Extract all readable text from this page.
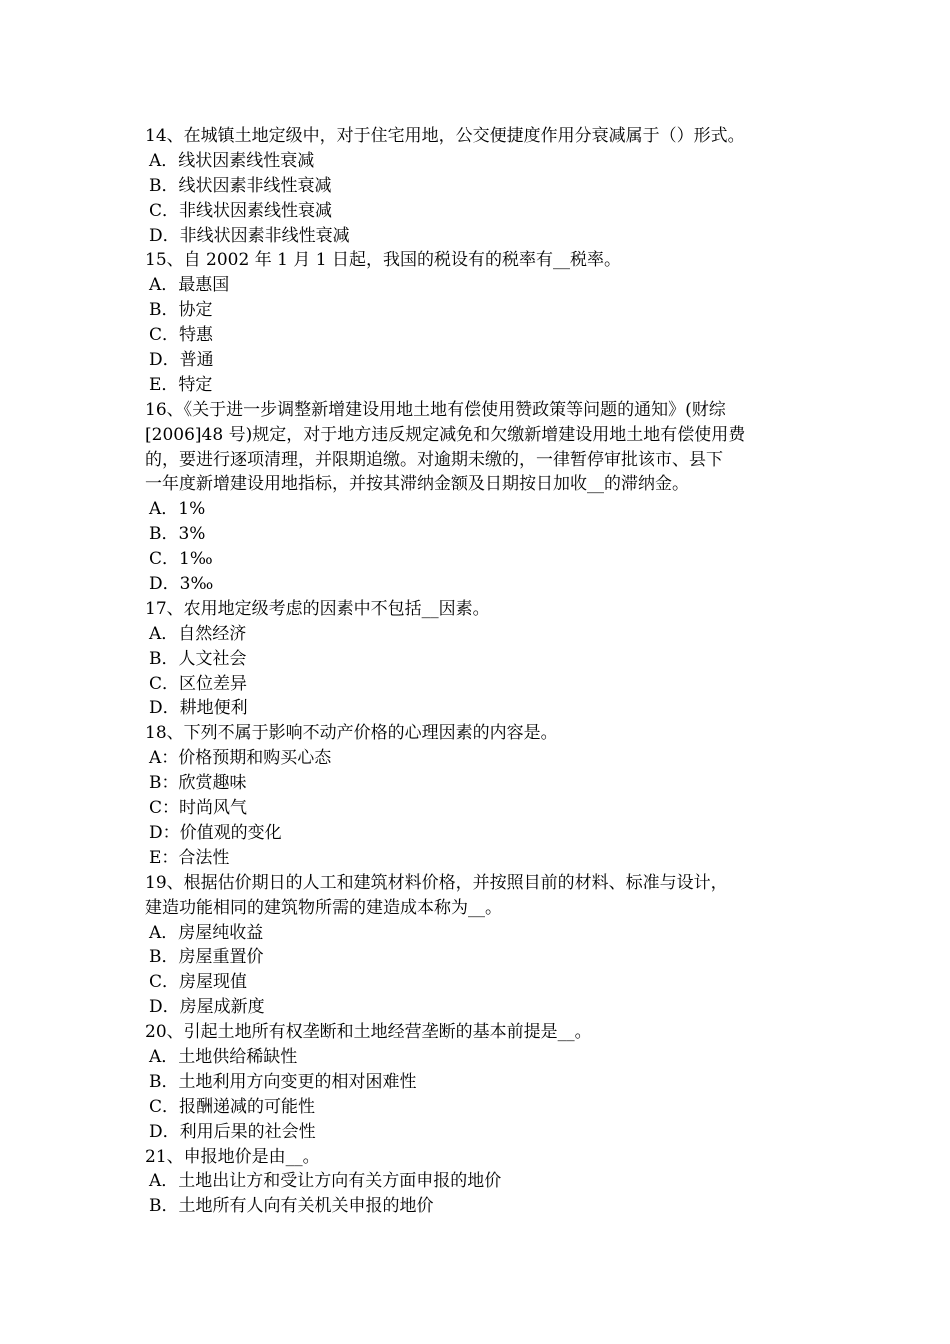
14、在城镇土地定级中，对于住宅用地，公交便捷度作用分衰减属于（）形式。
A．线状因素线性衰减
B．线状因素非线性衰减
C．非线状因素线性衰减
D．非线状因素非线性衰减
15、自 2002 年 1 月 1 日起，我国的税设有的税率有__税率。
A．最惠国
B．协定
C．特惠
D．普通
E．特定
16、《关于进一步调整新增建设用地土地有偿使用赞政策等问题的通知》(财综
[2006]48 号)规定，对于地方违反规定减免和欠缴新增建设用地土地有偿使用费
的，要进行逐项清理，并限期追缴。对逾期未缴的，一律暂停审批该市、县下
一年度新增建设用地指标，并按其滞纳金额及日期按日加收__的滞纳金。
A．1%
B．3%
C．1‰
D．3‰
17、农用地定级考虑的因素中不包括__因素。
A．自然经济
B．人文社会
C．区位差异
D．耕地便利
18、下列不属于影响不动产价格的心理因素的内容是。
A：价格预期和购买心态
B：欣赏趣味
C：时尚风气
D：价值观的变化
E：合法性
19、根据估价期日的人工和建筑材料价格，并按照目前的材料、标准与设计，
建造功能相同的建筑物所需的建造成本称为__。
A．房屋纯收益
B．房屋重置价
C．房屋现值
D．房屋成新度
20、引起土地所有权垄断和土地经营垄断的基本前提是__。
A．土地供给稀缺性
B．土地利用方向变更的相对困难性
C．报酬递减的可能性
D．利用后果的社会性
21、申报地价是由__。
A．土地出让方和受让方向有关方面申报的地价
B．土地所有人向有关机关申报的地价
